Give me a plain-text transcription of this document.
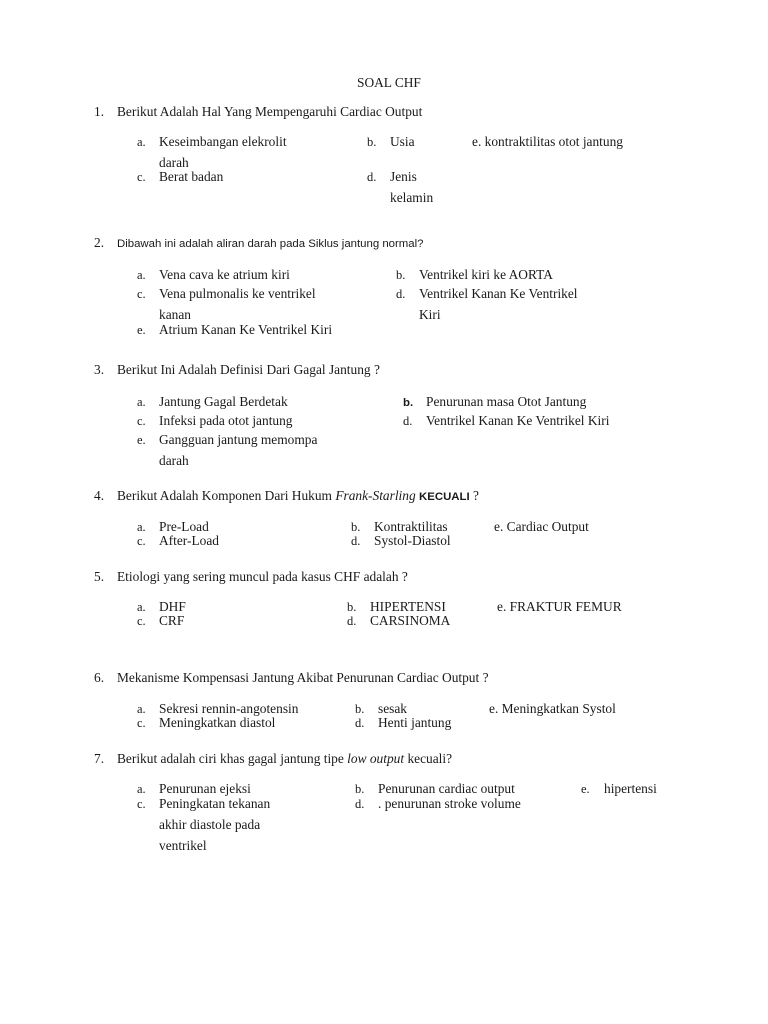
SOAL CHF
1. Berikut Adalah Hal Yang Mempengaruhi Cardiac Output
a. Keseimbangan elekrolit
darah
b. Usia	e. kontraktilitas otot jantung
c. Berat badan	d. Jenis
kelamin
2. Dibawah ini adalah aliran darah pada Siklus jantung normal?
a. Vena cava ke atrium kiri	b. Ventrikel kiri ke AORTA
c. Vena pulmonalis ke ventrikel
kanan
d. Ventrikel Kanan Ke Ventrikel
Kiri
e. Atrium Kanan Ke Ventrikel Kiri
3. Berikut Ini Adalah Definisi Dari Gagal Jantung ?
a. Jantung Gagal Berdetak	b. Penurunan masa Otot Jantung
c. Infeksi pada otot jantung	d. Ventrikel Kanan Ke Ventrikel Kiri
e. Gangguan jantung memompa
darah
4. Berikut Adalah Komponen Dari Hukum Frank-Starling KECUALI ?
a. Pre-Load	b. Kontraktilitas	e. Cardiac Output
c. After-Load	d. Systol-Diastol
5. Etiologi yang sering muncul pada kasus CHF adalah ?
a. DHF	b. HIPERTENSI	e. FRAKTUR FEMUR
c. CRF	d. CARSINOMA
6. Mekanisme Kompensasi Jantung Akibat Penurunan Cardiac Output ?
a. Sekresi rennin-angotensin	b. sesak	e. Meningkatkan Systol
c. Meningkatkan diastol	d. Henti jantung
7. Berikut adalah ciri khas gagal jantung tipe low output kecuali?
a. Penurunan ejeksi	b. Penurunan cardiac output	e. hipertensi
c. Peningkatan tekanan
akhir diastole pada
ventrikel
d. . penurunan stroke volume
